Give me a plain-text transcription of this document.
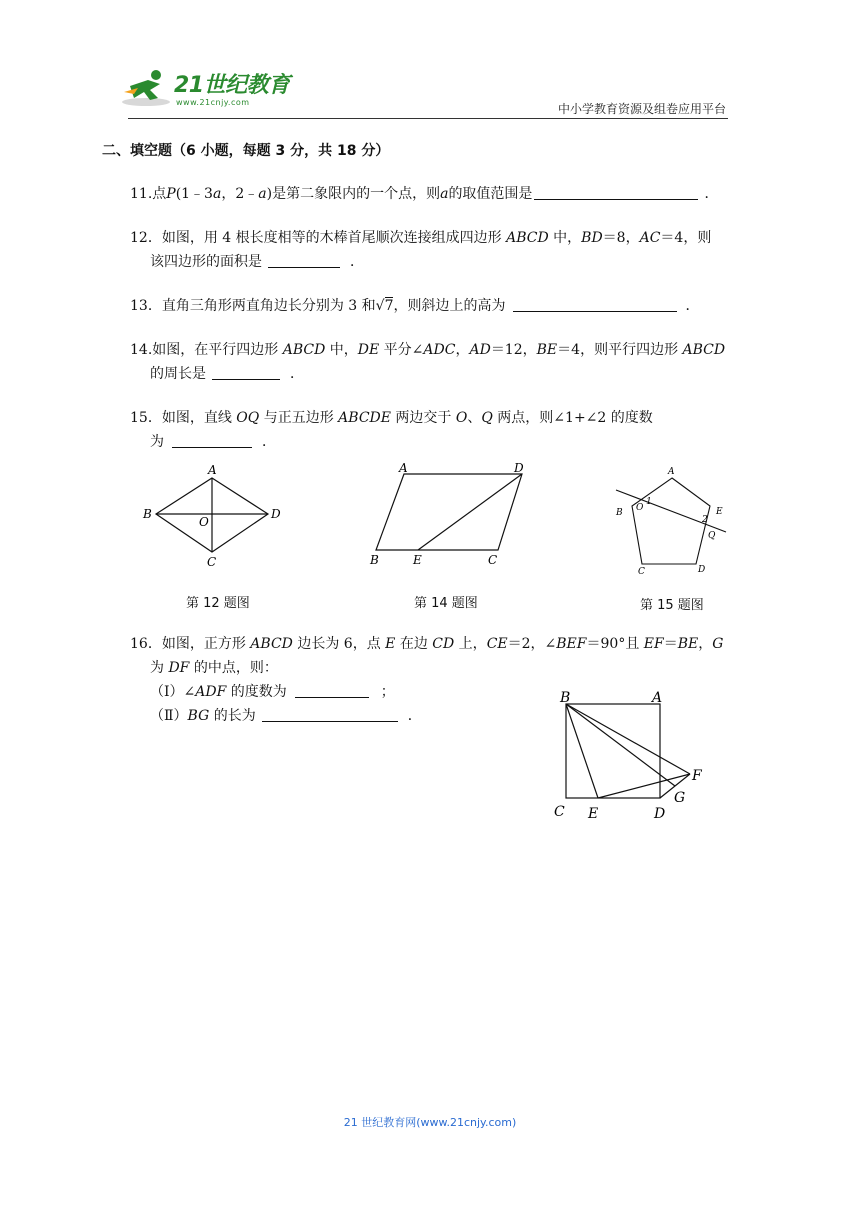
21世纪教育
www.21cnjy.com	中小学教育资源及组卷应用平台
二、填空题（6 小题，每题 3 分，共 18 分）
11.点P(1﹣3a，2﹣a)是第二象限内的一个点，则a的取值范围是	．
12．如图，用 4 根长度相等的木棒首尾顺次连接组成四边形 ABCD 中，BD＝8，AC＝4，则
该四边形的面积是	．
13．直角三角形两直角边长分别为 3 和√7，则斜边上的高为	．
14.如图，在平行四边形 ABCD 中，DE 平分∠ADC，AD＝12，BE＝4，则平行四边形 ABCD
的周长是	．
15．如图，直线 OQ 与正五边形 ABCDE 两边交于 O、Q 两点，则∠1+∠2 的度数
为	．
A
B
C
D
O
第 12 题图
A	D
B	E	C
第 14 题图
A
B
C	D
E
O
Q
1
2
第 15 题图
16．如图，正方形 ABCD 边长为 6，点 E 在边 CD 上，CE＝2，∠BEF＝90°且 EF＝BE，G
为 DF 的中点，则：
（Ⅰ）∠ADF 的度数为	；
（Ⅱ）BG 的长为	．
B	A
C E	D
F
G
21 世纪教育网(www.21cnjy.com)
